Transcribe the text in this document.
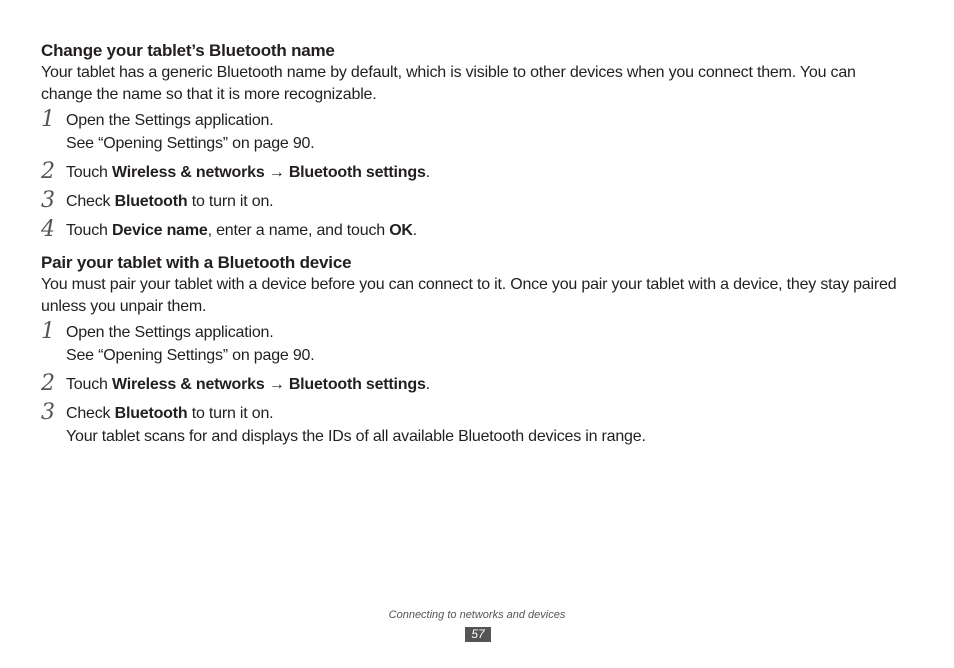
Change your tablet’s Bluetooth name

Your tablet has a generic Bluetooth name by default, which is visible to other devices when you connect them. You can change the name so that it is more recognizable.

1 Open the Settings application.
See “Opening Settings” on page 90.
2 Touch Wireless & networks → Bluetooth settings.
3 Check Bluetooth to turn it on.
4 Touch Device name, enter a name, and touch OK.
Pair your tablet with a Bluetooth device

You must pair your tablet with a device before you can connect to it. Once you pair your tablet with a device, they stay paired unless you unpair them.

1 Open the Settings application.
See “Opening Settings” on page 90.
2 Touch Wireless & networks → Bluetooth settings.
3 Check Bluetooth to turn it on.
Your tablet scans for and displays the IDs of all available Bluetooth devices in range.
Connecting to networks and devices
57
